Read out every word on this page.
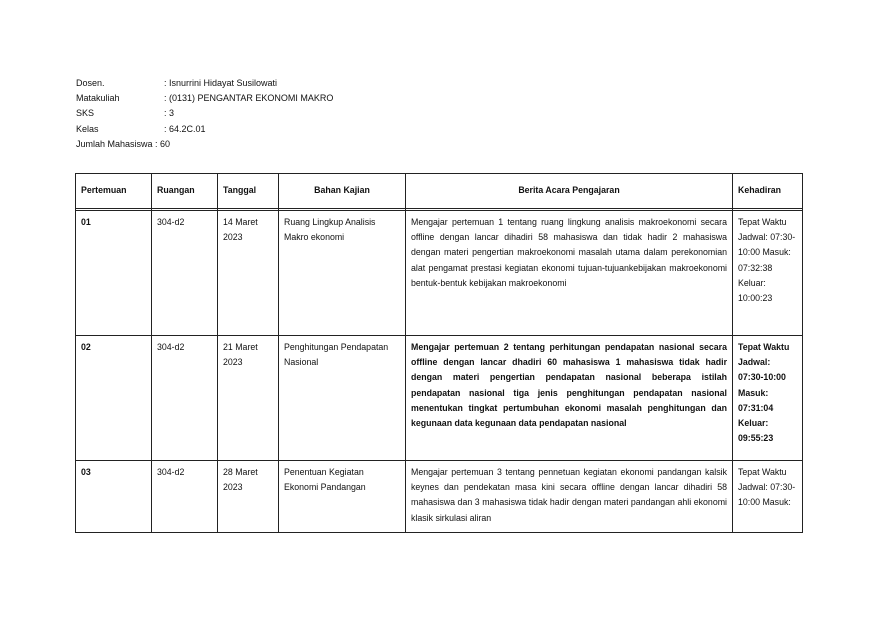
Dosen.	: Isnurrini Hidayat Susilowati
Matakuliah	: (0131) PENGANTAR EKONOMI MAKRO
SKS	: 3
Kelas	: 64.2C.01
Jumlah Mahasiswa
: 60
Pertemuan	Ruangan	Tanggal	Bahan Kajian	Berita Acara Pengajaran	Kehadiran

01	304-d2	14 Maret 2023	Ruang Lingkup Analisis Makro ekonomi	Mengajar pertemuan 1 tentang ruang lingkung analisis makroekonomi secara offline dengan lancar dihadiri 58 mahasiswa dan tidak hadir 2 mahasiswa dengan materi pengertian makroekonomi masalah utama dalam perekonomian alat pengamat prestasi kegiatan ekonomi tujuan-tujuankebijakan makroekonomi bentuk-bentuk kebijakan makroekonomi	Tepat Waktu Jadwal: 07:30-10:00 Masuk: 07:32:38 Keluar: 10:00:23
02	304-d2	21 Maret 2023	Penghitungan Pendapatan Nasional	Mengajar pertemuan 2 tentang perhitungan pendapatan nasional secara offline dengan lancar dhadiri 60 mahasiswa 1 mahasiswa tidak hadir dengan materi pengertian pendapatan nasional beberapa istilah pendapatan nasional tiga jenis penghitungan pendapatan nasional menentukan tingkat pertumbuhan ekonomi masalah penghitungan dan kegunaan data kegunaan data pendapatan nasional	Tepat Waktu Jadwal: 07:30-10:00 Masuk: 07:31:04 Keluar: 09:55:23
03	304-d2	28 Maret 2023	Penentuan Kegiatan Ekonomi Pandangan	Mengajar pertemuan 3 tentang pennetuan kegiatan ekonomi pandangan kalsik keynes dan pendekatan masa kini secara offline dengan lancar dihadiri 58 mahasiswa dan 3 mahasiswa tidak hadir dengan materi pandangan ahli ekonomi klasik sirkulasi aliran	Tepat Waktu Jadwal: 07:30-10:00 Masuk:
